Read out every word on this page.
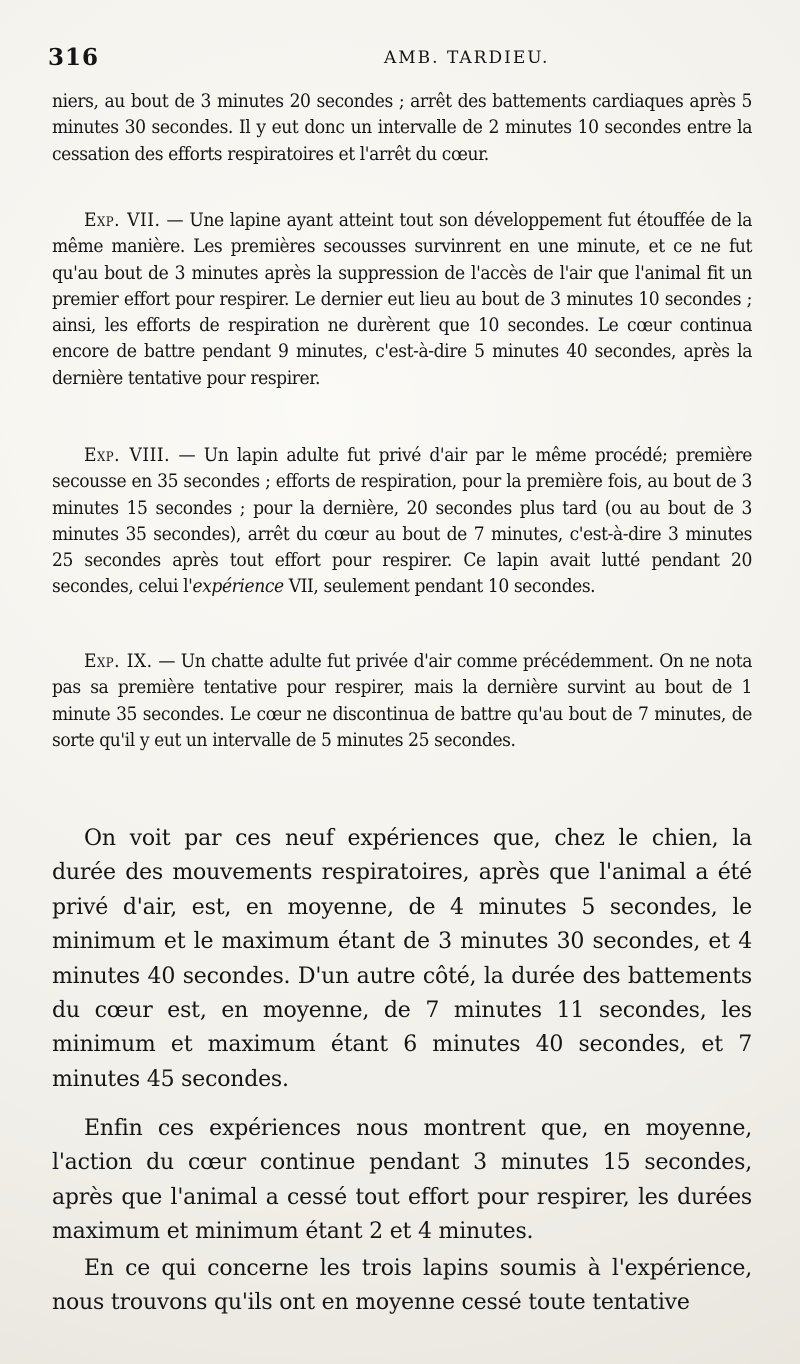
316	AMB. TARDIEU.

niers, au bout de 3 minutes 20 secondes ; arrêt des battements cardiaques après 5 minutes 30 secondes. Il y eut donc un intervalle de 2 minutes 10 secondes entre la cessation des efforts respiratoires et l'arrêt du cœur.

Exp. VII. — Une lapine ayant atteint tout son développement fut étouffée de la même manière. Les premières secousses survinrent en une minute, et ce ne fut qu'au bout de 3 minutes après la suppression de l'accès de l'air que l'animal fit un premier effort pour respirer. Le dernier eut lieu au bout de 3 minutes 10 secondes ; ainsi, les efforts de respiration ne durèrent que 10 secondes. Le cœur continua encore de battre pendant 9 minutes, c'est-à-dire 5 minutes 40 secondes, après la dernière tentative pour respirer.

Exp. VIII. — Un lapin adulte fut privé d'air par le même procédé; première secousse en 35 secondes ; efforts de respiration, pour la première fois, au bout de 3 minutes 15 secondes ; pour la dernière, 20 secondes plus tard (ou au bout de 3 minutes 35 secondes), arrêt du cœur au bout de 7 minutes, c'est-à-dire 3 minutes 25 secondes après tout effort pour respirer. Ce lapin avait lutté pendant 20 secondes, celui l'expérience VII, seulement pendant 10 secondes.

Exp. IX. — Un chatte adulte fut privée d'air comme précédemment. On ne nota pas sa première tentative pour respirer, mais la dernière survint au bout de 1 minute 35 secondes. Le cœur ne discontinua de battre qu'au bout de 7 minutes, de sorte qu'il y eut un intervalle de 5 minutes 25 secondes.

On voit par ces neuf expériences que, chez le chien, la durée des mouvements respiratoires, après que l'animal a été privé d'air, est, en moyenne, de 4 minutes 5 secondes, le minimum et le maximum étant de 3 minutes 30 secondes, et 4 minutes 40 secondes. D'un autre côté, la durée des battements du cœur est, en moyenne, de 7 minutes 11 secondes, les minimum et maximum étant 6 minutes 40 secondes, et 7 minutes 45 secondes.

Enfin ces expériences nous montrent que, en moyenne, l'action du cœur continue pendant 3 minutes 15 secondes, après que l'animal a cessé tout effort pour respirer, les durées maximum et minimum étant 2 et 4 minutes.

En ce qui concerne les trois lapins soumis à l'expérience, nous trouvons qu'ils ont en moyenne cessé toute tentative
